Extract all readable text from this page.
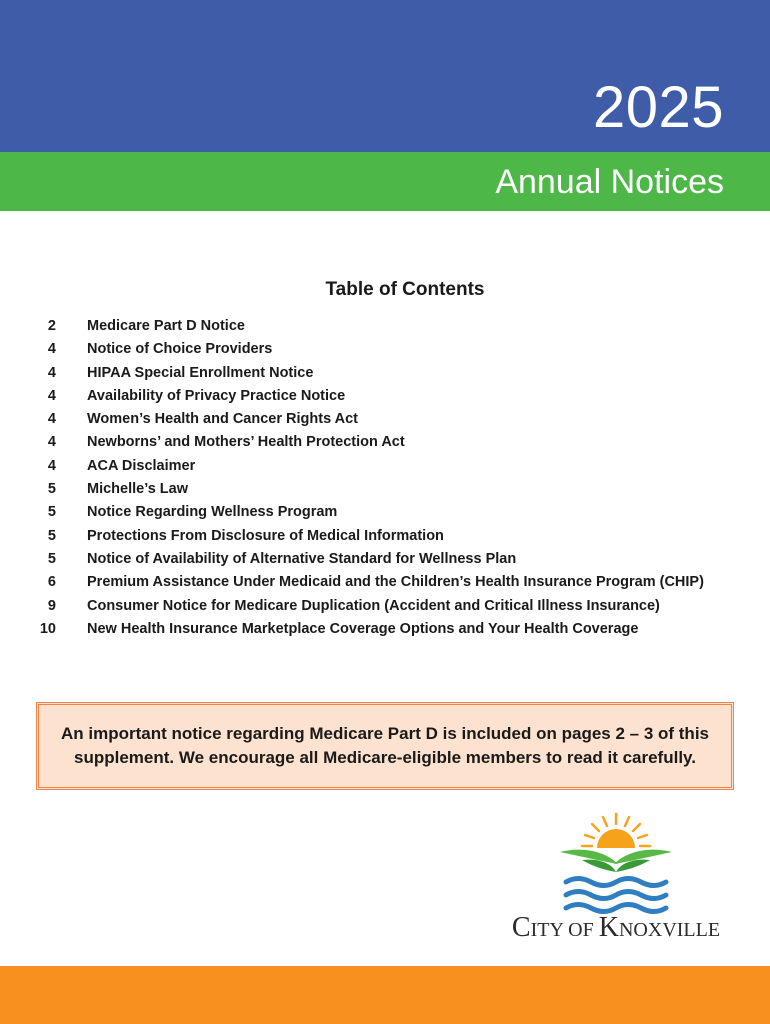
2025
Annual Notices
Table of Contents
2 Medicare Part D Notice
4 Notice of Choice Providers
4 HIPAA Special Enrollment Notice
4 Availability of Privacy Practice Notice
4 Women’s Health and Cancer Rights Act
4 Newborns’ and Mothers’ Health Protection Act
4 ACA Disclaimer
5 Michelle’s Law
5 Notice Regarding Wellness Program
5 Protections From Disclosure of Medical Information
5 Notice of Availability of Alternative Standard for Wellness Plan
6 Premium Assistance Under Medicaid and the Children’s Health Insurance Program (CHIP)
9 Consumer Notice for Medicare Duplication (Accident and Critical Illness Insurance)
10 New Health Insurance Marketplace Coverage Options and Your Health Coverage
An important notice regarding Medicare Part D is included on pages 2 – 3 of this
supplement. We encourage all Medicare-eligible members to read it carefully.
CITY OF KNOXVILLE
